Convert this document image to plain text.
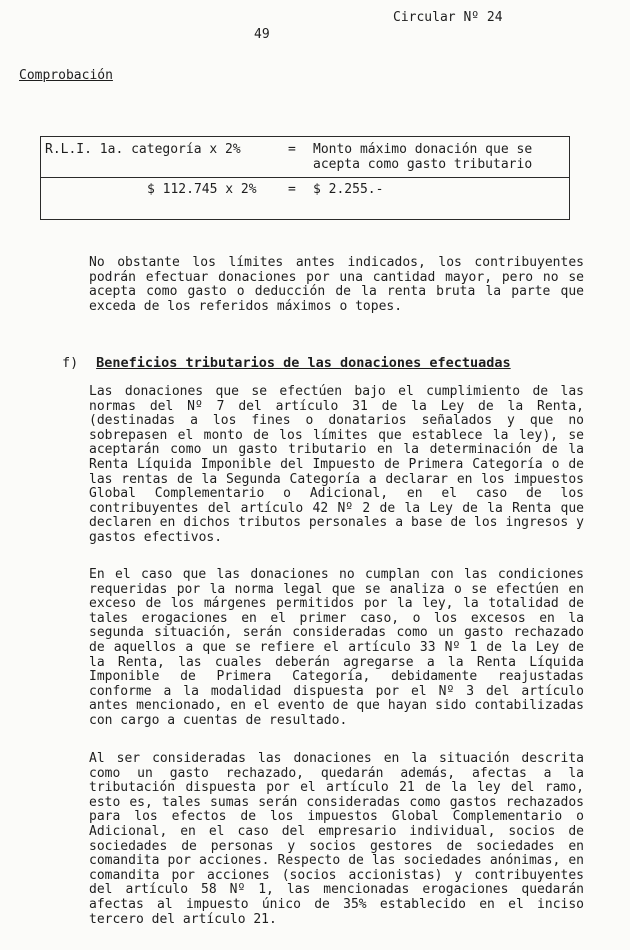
Circular Nº 24
49
Comprobación
R.L.I. 1a. categoría x 2%	= Monto máximo donación que se acepta como gasto tributario
$ 112.745 x 2% = $ 2.255.-
No obstante los límites antes indicados, los contribuyentes podrán efectuar donaciones por una cantidad mayor, pero no se acepta como gasto o deducción de la renta bruta la parte que exceda de los referidos máximos o topes.
f) Beneficios tributarios de las donaciones efectuadas
Las donaciones que se efectúen bajo el cumplimiento de las normas del Nº 7 del artículo 31 de la Ley de la Renta, (destinadas a los fines o donatarios señalados y que no sobrepasen el monto de los límites que establece la ley), se aceptarán como un gasto tributario en la determinación de la Renta Líquida Imponible del Impuesto de Primera Categoría o de las rentas de la Segunda Categoría a declarar en los impuestos Global Complementario o Adicional, en el caso de los contribuyentes del artículo 42 Nº 2 de la Ley de la Renta que declaren en dichos tributos personales a base de los ingresos y gastos efectivos.
En el caso que las donaciones no cumplan con las condiciones requeridas por la norma legal que se analiza o se efectúen en exceso de los márgenes permitidos por la ley, la totalidad de tales erogaciones en el primer caso, o los excesos en la segunda situación, serán consideradas como un gasto rechazado de aquellos a que se refiere el artículo 33 Nº 1 de la Ley de la Renta, las cuales deberán agregarse a la Renta Líquida Imponible de Primera Categoría, debidamente reajustadas conforme a la modalidad dispuesta por el Nº 3 del artículo antes mencionado, en el evento de que hayan sido contabilizadas con cargo a cuentas de resultado.
Al ser consideradas las donaciones en la situación descrita como un gasto rechazado, quedarán además, afectas a la tributación dispuesta por el artículo 21 de la ley del ramo, esto es, tales sumas serán consideradas como gastos rechazados para los efectos de los impuestos Global Complementario o Adicional, en el caso del empresario individual, socios de sociedades de personas y socios gestores de sociedades en comandita por acciones. Respecto de las sociedades anónimas, en comandita por acciones (socios accionistas) y contribuyentes del artículo 58 Nº 1, las mencionadas erogaciones quedarán afectas al impuesto único de 35% establecido en el inciso tercero del artículo 21.
